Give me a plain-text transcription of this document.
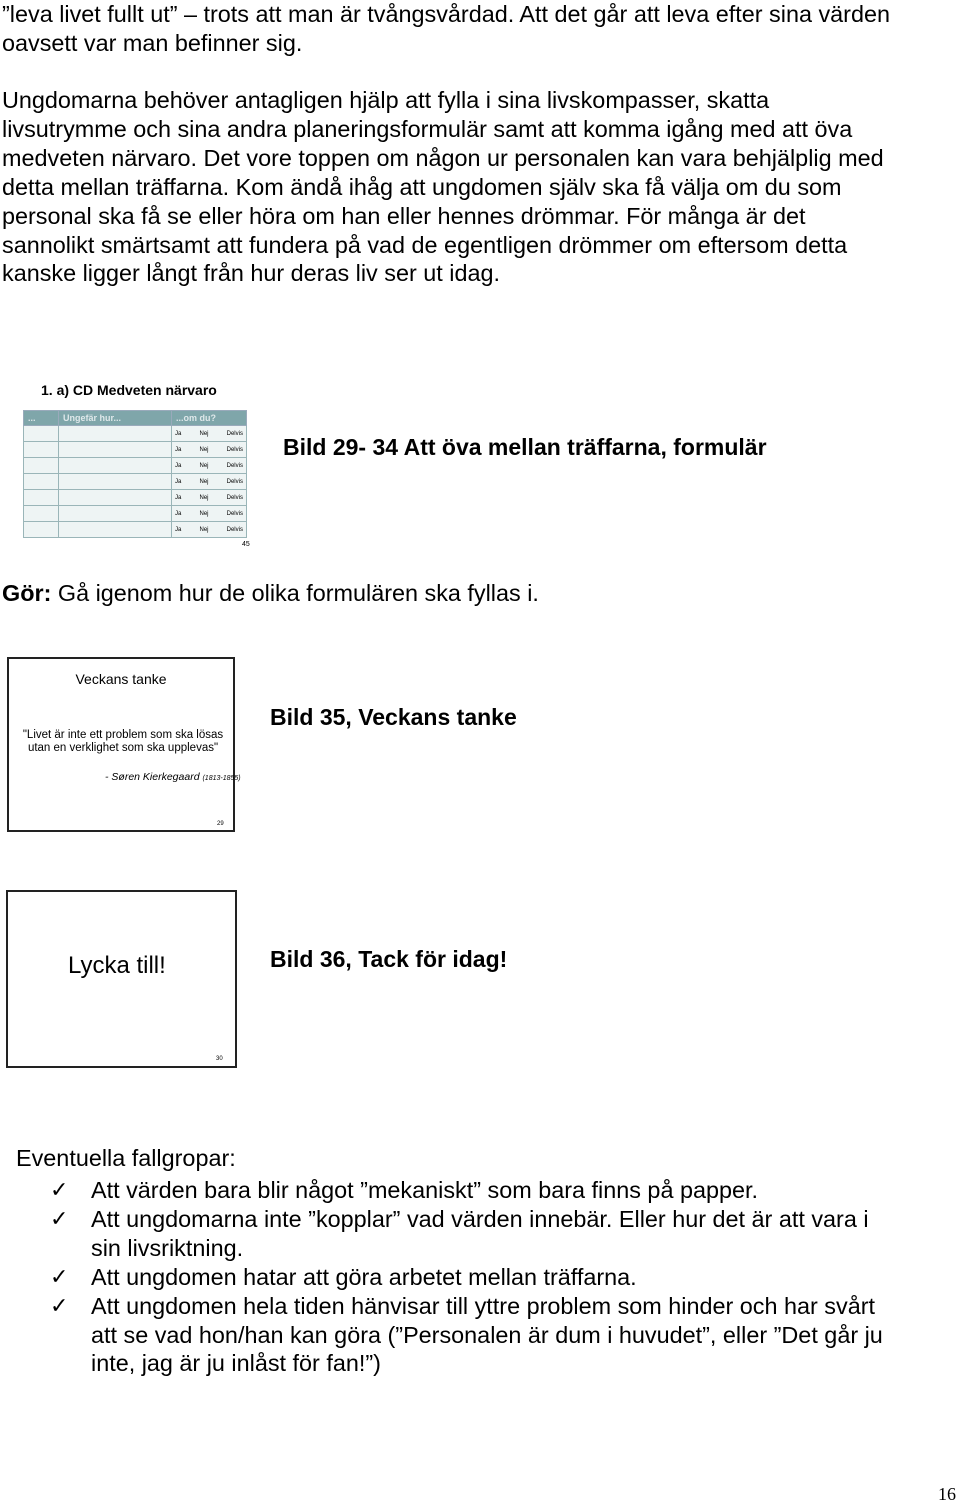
”leva livet fullt ut” – trots att man är tvångsvårdad. Att det går att leva efter sina värden
oavsett var man befinner sig.
Ungdomarna behöver antagligen hjälp att fylla i sina livskompasser, skatta
livsutrymme och sina andra planeringsformulär samt att komma igång med att öva
medveten närvaro. Det vore toppen om någon ur personalen kan vara behjälplig med
detta mellan träffarna. Kom ändå ihåg att ungdomen själv ska få välja om du som
personal ska få se eller höra om han eller hennes drömmar. För många är det
sannolikt smärtsamt att fundera på vad de egentligen drömmer om eftersom detta
kanske ligger långt från hur deras liv ser ut idag.
1. a) CD Medveten närvaro
...	Ungefär hur...	...om du?

		Ja Nej Delvis

		Ja Nej Delvis

		Ja Nej Delvis

		Ja Nej Delvis

		Ja Nej Delvis

		Ja Nej Delvis

		Ja Nej Delvis
45
Bild 29- 34 Att öva mellan träffarna, formulär
Gör: Gå igenom hur de olika formulären ska fyllas i.
Veckans tanke
"Livet är inte ett problem som ska lösas
utan en verklighet som ska upplevas"
- Søren Kierkegaard (1813-1855)
29
Bild 35, Veckans tanke
Lycka till!
30
Bild 36, Tack för idag!
Eventuella fallgropar:
✓ Att värden bara blir något ”mekaniskt” som bara finns på papper.
✓ Att ungdomarna inte ”kopplar” vad värden innebär. Eller hur det är att vara i
sin livsriktning.
✓ Att ungdomen hatar att göra arbetet mellan träffarna.
✓ Att ungdomen hela tiden hänvisar till yttre problem som hinder och har svårt
att se vad hon/han kan göra (”Personalen är dum i huvudet”, eller ”Det går ju
inte, jag är ju inlåst för fan!”)
16
